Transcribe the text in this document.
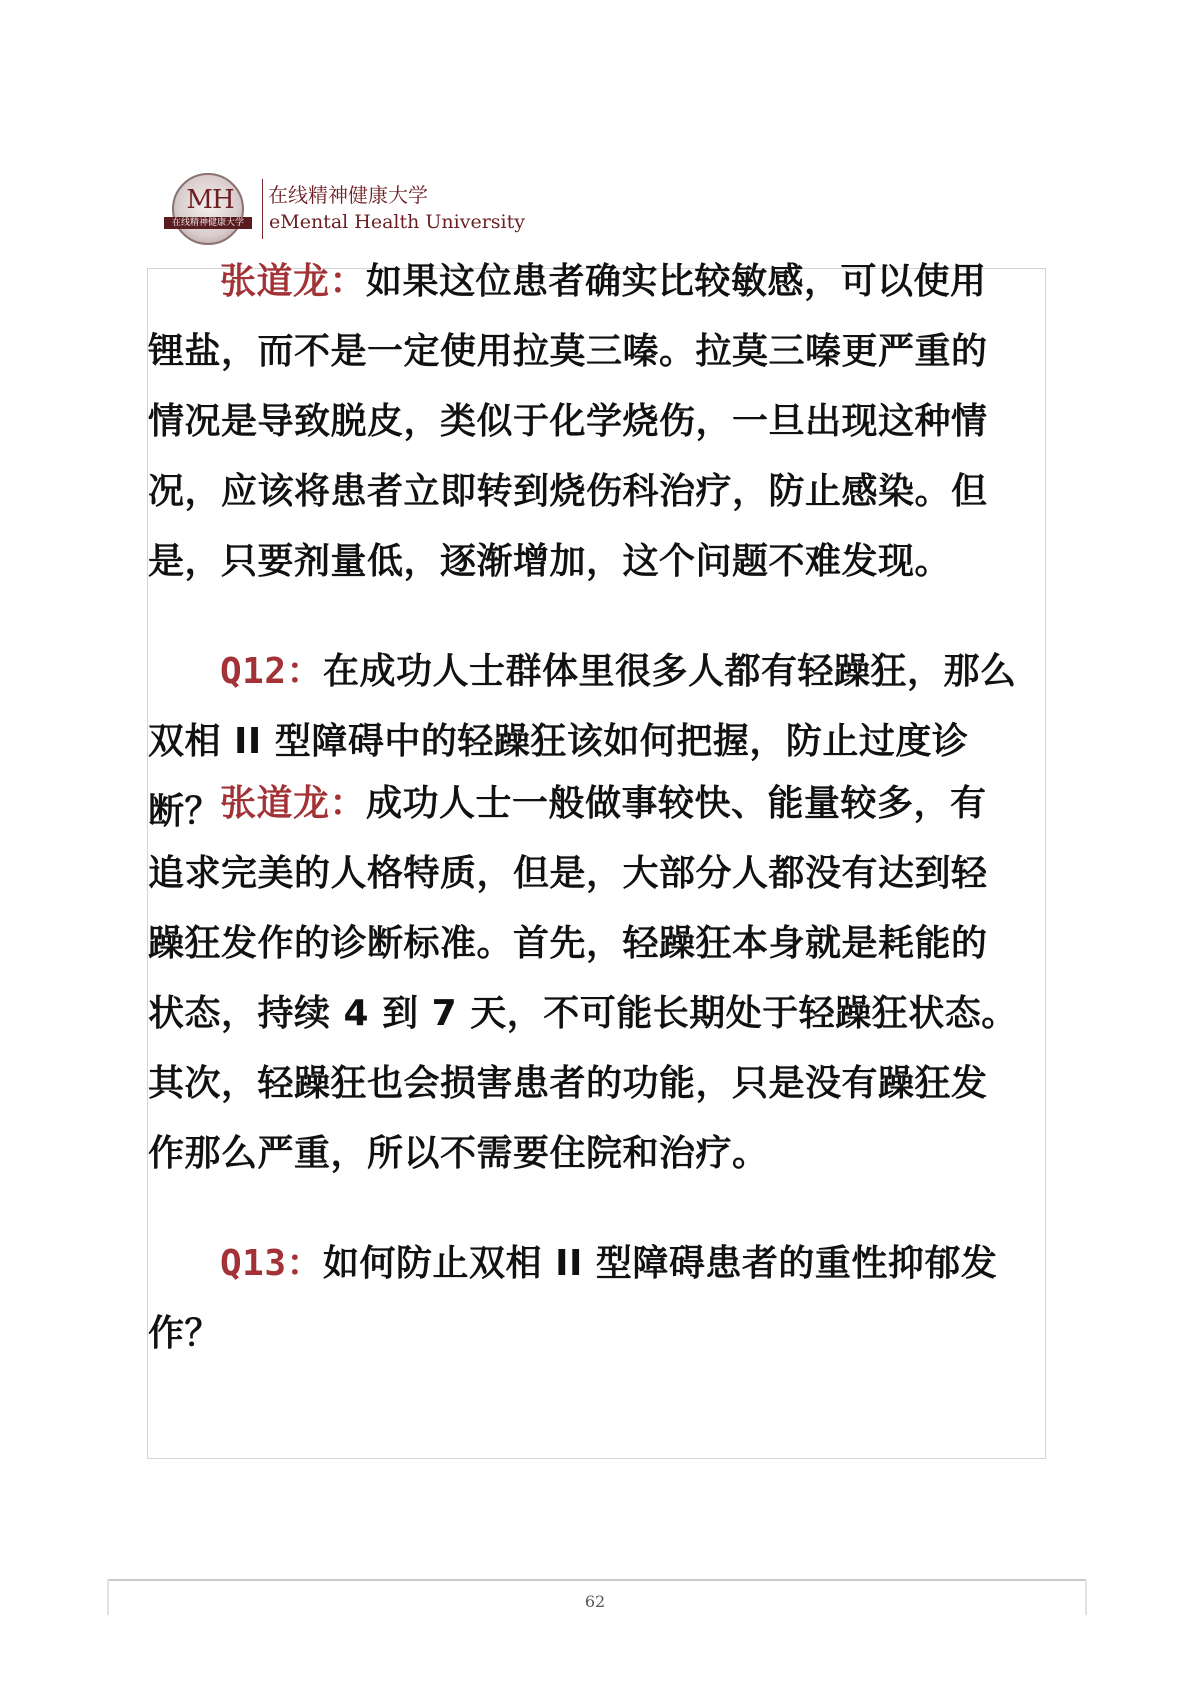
MH
在线精神健康大学
在线精神健康大学
eMental Health University

张道龙：如果这位患者确实比较敏感，可以使用锂盐，而不是一定使用拉莫三嗪。拉莫三嗪更严重的情况是导致脱皮，类似于化学烧伤，一旦出现这种情况，应该将患者立即转到烧伤科治疗，防止感染。但是，只要剂量低，逐渐增加，这个问题不难发现。

Q12：在成功人士群体里很多人都有轻躁狂，那么双相 II 型障碍中的轻躁狂该如何把握，防止过度诊断？

张道龙：成功人士一般做事较快、能量较多，有追求完美的人格特质，但是，大部分人都没有达到轻躁狂发作的诊断标准。首先，轻躁狂本身就是耗能的状态，持续 4 到 7 天，不可能长期处于轻躁狂状态。其次，轻躁狂也会损害患者的功能，只是没有躁狂发作那么严重，所以不需要住院和治疗。

Q13：如何防止双相 II 型障碍患者的重性抑郁发作？

62
